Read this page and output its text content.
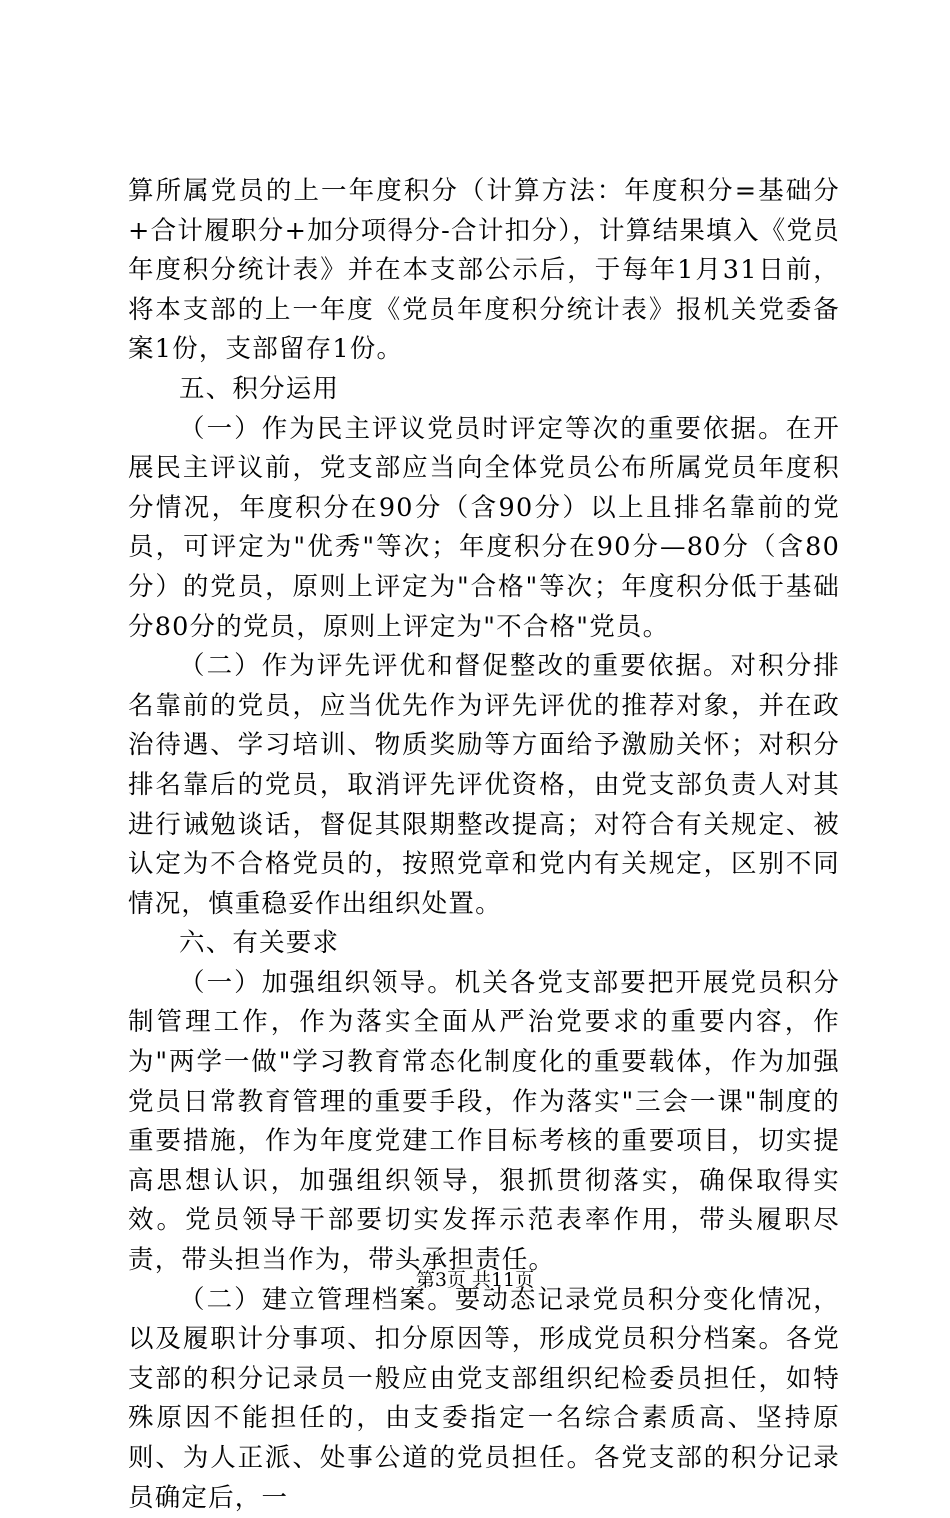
算所属党员的上一年度积分（计算方法：年度积分=基础分+合计履职分+加分项得分-合计扣分），计算结果填入《党员年度积分统计表》并在本支部公示后，于每年1月31日前，将本支部的上一年度《党员年度积分统计表》报机关党委备案1份，支部留存1份。

五、积分运用

（一）作为民主评议党员时评定等次的重要依据。在开展民主评议前，党支部应当向全体党员公布所属党员年度积分情况，年度积分在90分（含90分）以上且排名靠前的党员，可评定为"优秀"等次；年度积分在90分—80分（含80分）的党员，原则上评定为"合格"等次；年度积分低于基础分80分的党员，原则上评定为"不合格"党员。

（二）作为评先评优和督促整改的重要依据。对积分排名靠前的党员，应当优先作为评先评优的推荐对象，并在政治待遇、学习培训、物质奖励等方面给予激励关怀；对积分排名靠后的党员，取消评先评优资格，由党支部负责人对其进行诫勉谈话，督促其限期整改提高；对符合有关规定、被认定为不合格党员的，按照党章和党内有关规定，区别不同情况，慎重稳妥作出组织处置。

六、有关要求

（一）加强组织领导。机关各党支部要把开展党员积分制管理工作，作为落实全面从严治党要求的重要内容，作为"两学一做"学习教育常态化制度化的重要载体，作为加强党员日常教育管理的重要手段，作为落实"三会一课"制度的重要措施，作为年度党建工作目标考核的重要项目，切实提高思想认识，加强组织领导，狠抓贯彻落实，确保取得实效。党员领导干部要切实发挥示范表率作用，带头履职尽责，带头担当作为，带头承担责任。

（二）建立管理档案。要动态记录党员积分变化情况，以及履职计分事项、扣分原因等，形成党员积分档案。各党支部的积分记录员一般应由党支部组织纪检委员担任，如特殊原因不能担任的，由支委指定一名综合素质高、坚持原则、为人正派、处事公道的党员担任。各党支部的积分记录员确定后，一

第3页 共11页
